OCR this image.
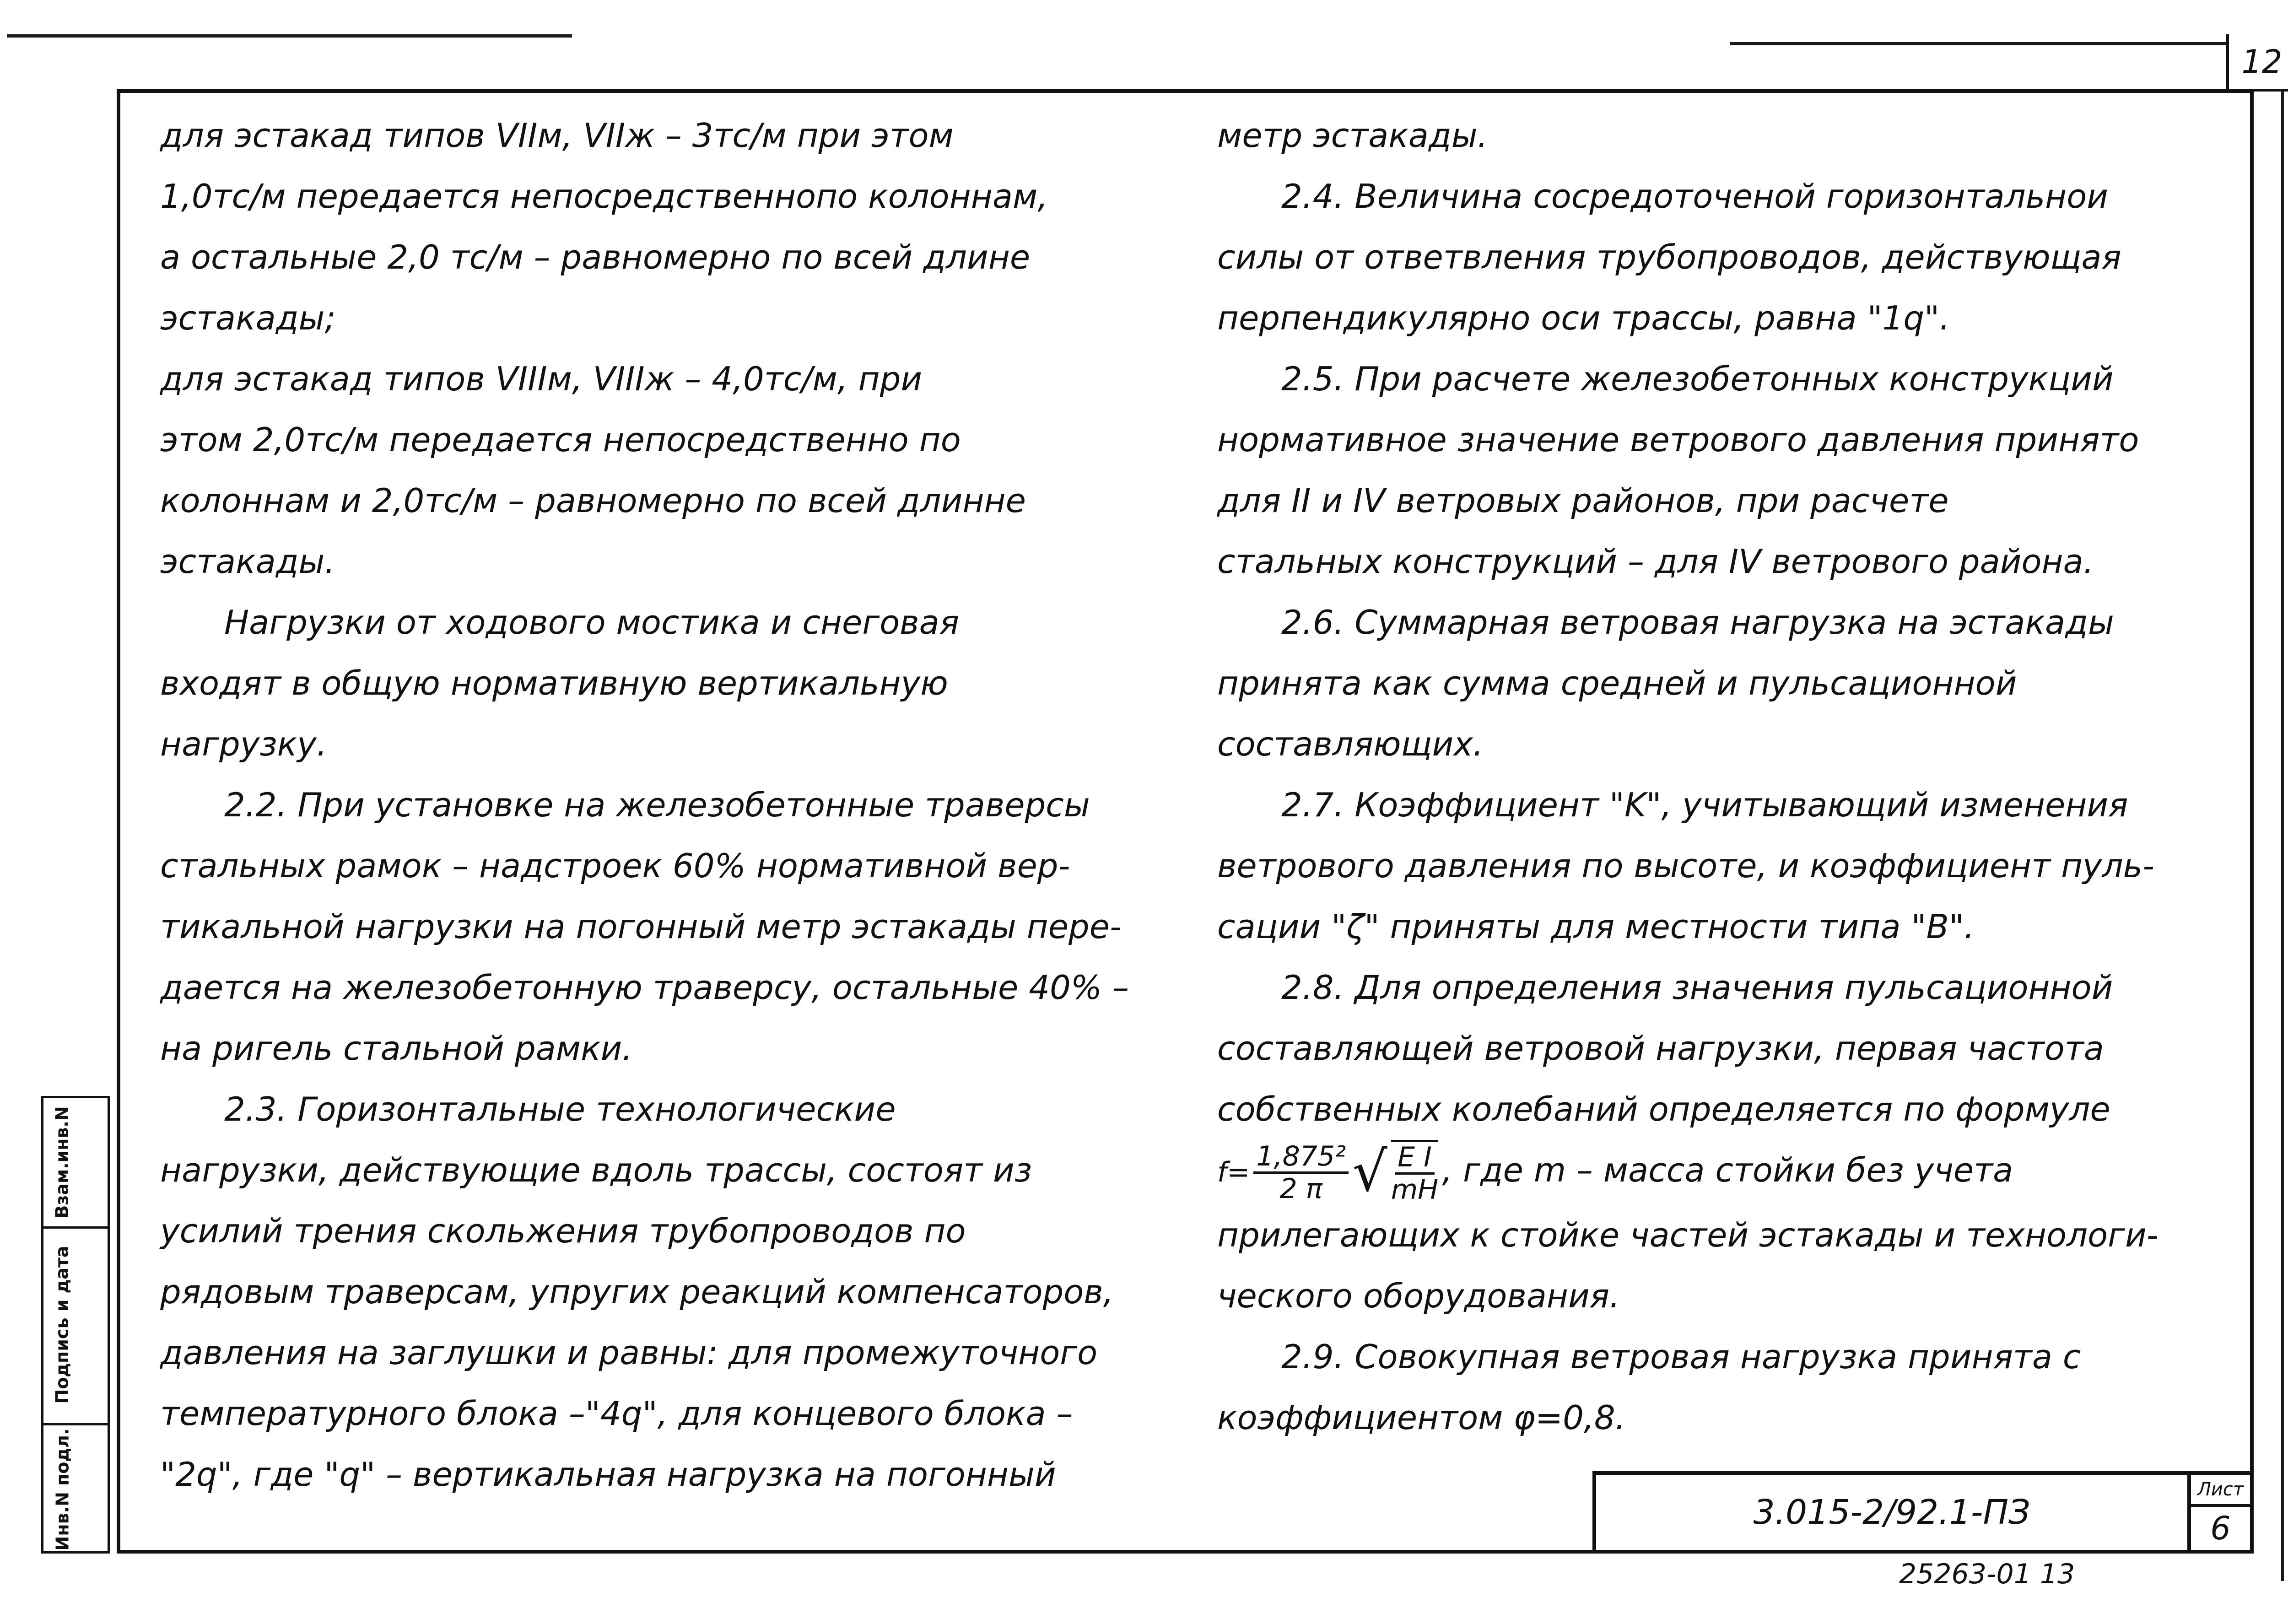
12

для эстакад типов VIIм, VIIж – 3тс/м при этом

1,0тс/м передается непосредственнопо колоннам,

а остальные 2,0 тс/м – равномерно по всей длине

эстакады;

для эстакад типов VIIIм, VIIIж – 4,0тс/м, при

этом 2,0тс/м передается непосредственно по

колоннам и 2,0тс/м – равномерно по всей длинне

эстакады.

Нагрузки от ходового мостика и снеговая

входят в общую нормативную вертикальную

нагрузку.

2.2. При установке на железобетонные траверсы

стальных рамок – надстроек 60% нормативной вер-

тикальной нагрузки на погонный метр эстакады пере-

дается на железобетонную траверсу, остальные 40% –

на ригель стальной рамки.

2.3. Горизонтальные технологические

нагрузки, действующие вдоль трассы, состоят из

усилий трения скольжения трубопроводов по

рядовым траверсам, упругих реакций компенсаторов,

давления на заглушки и равны: для промежуточного

температурного блока –"4q", для концевого блока –

"2q", где "q" – вертикальная нагрузка на погонный

метр эстакады.

2.4. Величина сосредоточеной горизонтальнои

силы от ответвления трубопроводов, действующая

перпендикулярно оси трассы, равна "1q".

2.5. При расчете железобетонных конструкций

нормативное значение ветрового давления принято

для II и IV ветровых районов, при расчете

стальных конструкций – для IV ветрового района.

2.6. Суммарная ветровая нагрузка на эстакады

принята как сумма средней и пульсационной

составляющих.

2.7. Коэффициент "K", учитывающий изменения

ветрового давления по высоте, и коэффициент пуль-

сации "ζ" приняты для местности типа "B".

2.8. Для определения значения пульсационной

составляющей ветровой нагрузки, первая частота

собственных колебаний определяется по формуле

$f= \frac{\text{1,875²}}{2 \pi}$ √ $\frac{\text{E I}}{mH}$ , где m – масса стойки без учета

прилегающих к стойке частей эстакады и технологи-

ческого оборудования.

2.9. Совокупная ветровая нагрузка принята с

коэффициентом φ=0,8.

3.015-2/92.1-ПЗ
Лист
6
25263-01 13
Взам.инв.N
Подпись и дата
Инв.N подл.
